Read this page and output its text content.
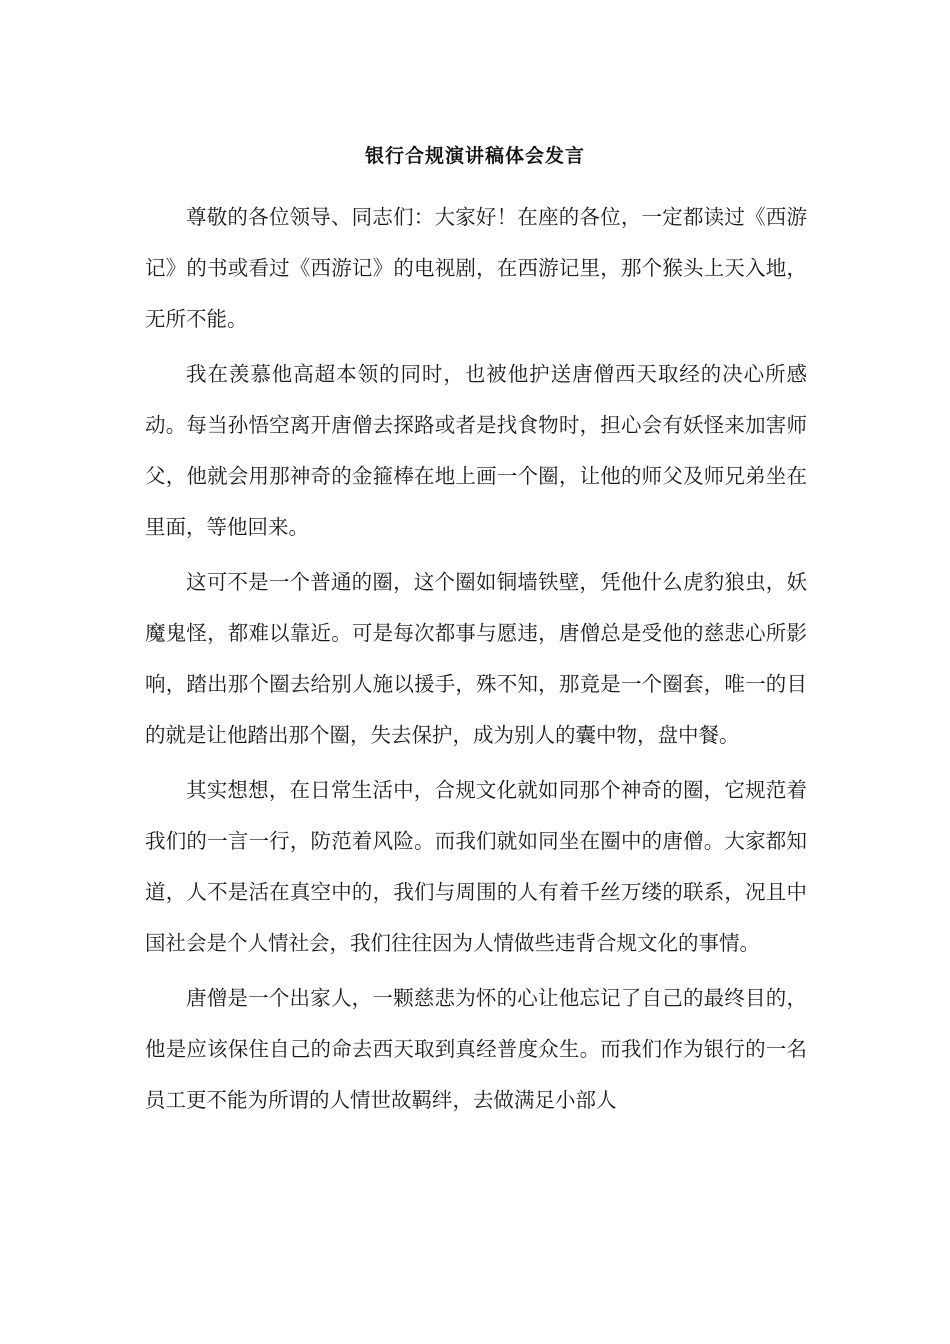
银行合规演讲稿体会发言

尊敬的各位领导、同志们：大家好！在座的各位，一定都读过《西游记》的书或看过《西游记》的电视剧，在西游记里，那个猴头上天入地，无所不能。

我在羡慕他高超本领的同时，也被他护送唐僧西天取经的决心所感动。每当孙悟空离开唐僧去探路或者是找食物时，担心会有妖怪来加害师父，他就会用那神奇的金箍棒在地上画一个圈，让他的师父及师兄弟坐在里面，等他回来。

这可不是一个普通的圈，这个圈如铜墙铁壁，凭他什么虎豹狼虫，妖魔鬼怪，都难以靠近。可是每次都事与愿违，唐僧总是受他的慈悲心所影响，踏出那个圈去给别人施以援手，殊不知，那竟是一个圈套，唯一的目的就是让他踏出那个圈，失去保护，成为别人的囊中物，盘中餐。

其实想想，在日常生活中，合规文化就如同那个神奇的圈，它规范着我们的一言一行，防范着风险。而我们就如同坐在圈中的唐僧。大家都知道，人不是活在真空中的，我们与周围的人有着千丝万缕的联系，况且中国社会是个人情社会，我们往往因为人情做些违背合规文化的事情。

唐僧是一个出家人，一颗慈悲为怀的心让他忘记了自己的最终目的，他是应该保住自己的命去西天取到真经普度众生。而我们作为银行的一名员工更不能为所谓的人情世故羁绊，去做满足小部人
